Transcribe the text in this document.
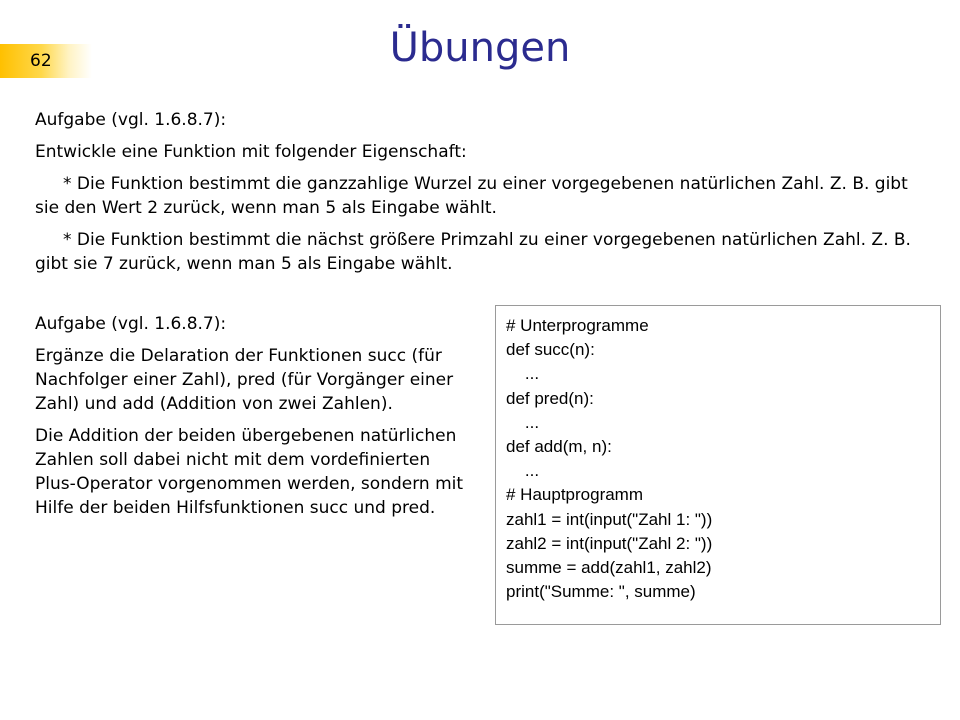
62	Übungen

Aufgabe (vgl. 1.6.8.7):

Entwickle eine Funktion mit folgender Eigenschaft:

* Die Funktion bestimmt die ganzzahlige Wurzel zu einer vorgegebenen natürlichen Zahl. Z. B. gibt sie den Wert 2 zurück, wenn man 5 als Eingabe wählt.

* Die Funktion bestimmt die nächst größere Primzahl zu einer vorgegebenen natürlichen Zahl. Z. B. gibt sie 7 zurück, wenn man 5 als Eingabe wählt.

Aufgabe (vgl. 1.6.8.7):

Ergänze die Delaration der Funktionen succ (für Nachfolger einer Zahl), pred (für Vorgänger einer Zahl) und add (Addition von zwei Zahlen).

Die Addition der beiden übergebenen natürlichen Zahlen soll dabei nicht mit dem vordefinierten Plus-Operator vorgenommen werden, sondern mit Hilfe der beiden Hilfsfunktionen succ und pred.

# Unterprogramme
def succ(n):
...
def pred(n):
...
def add(m, n):
...
# Hauptprogramm
zahl1 = int(input("Zahl 1: "))
zahl2 = int(input("Zahl 2: "))
summe = add(zahl1, zahl2)
print("Summe: ", summe)
